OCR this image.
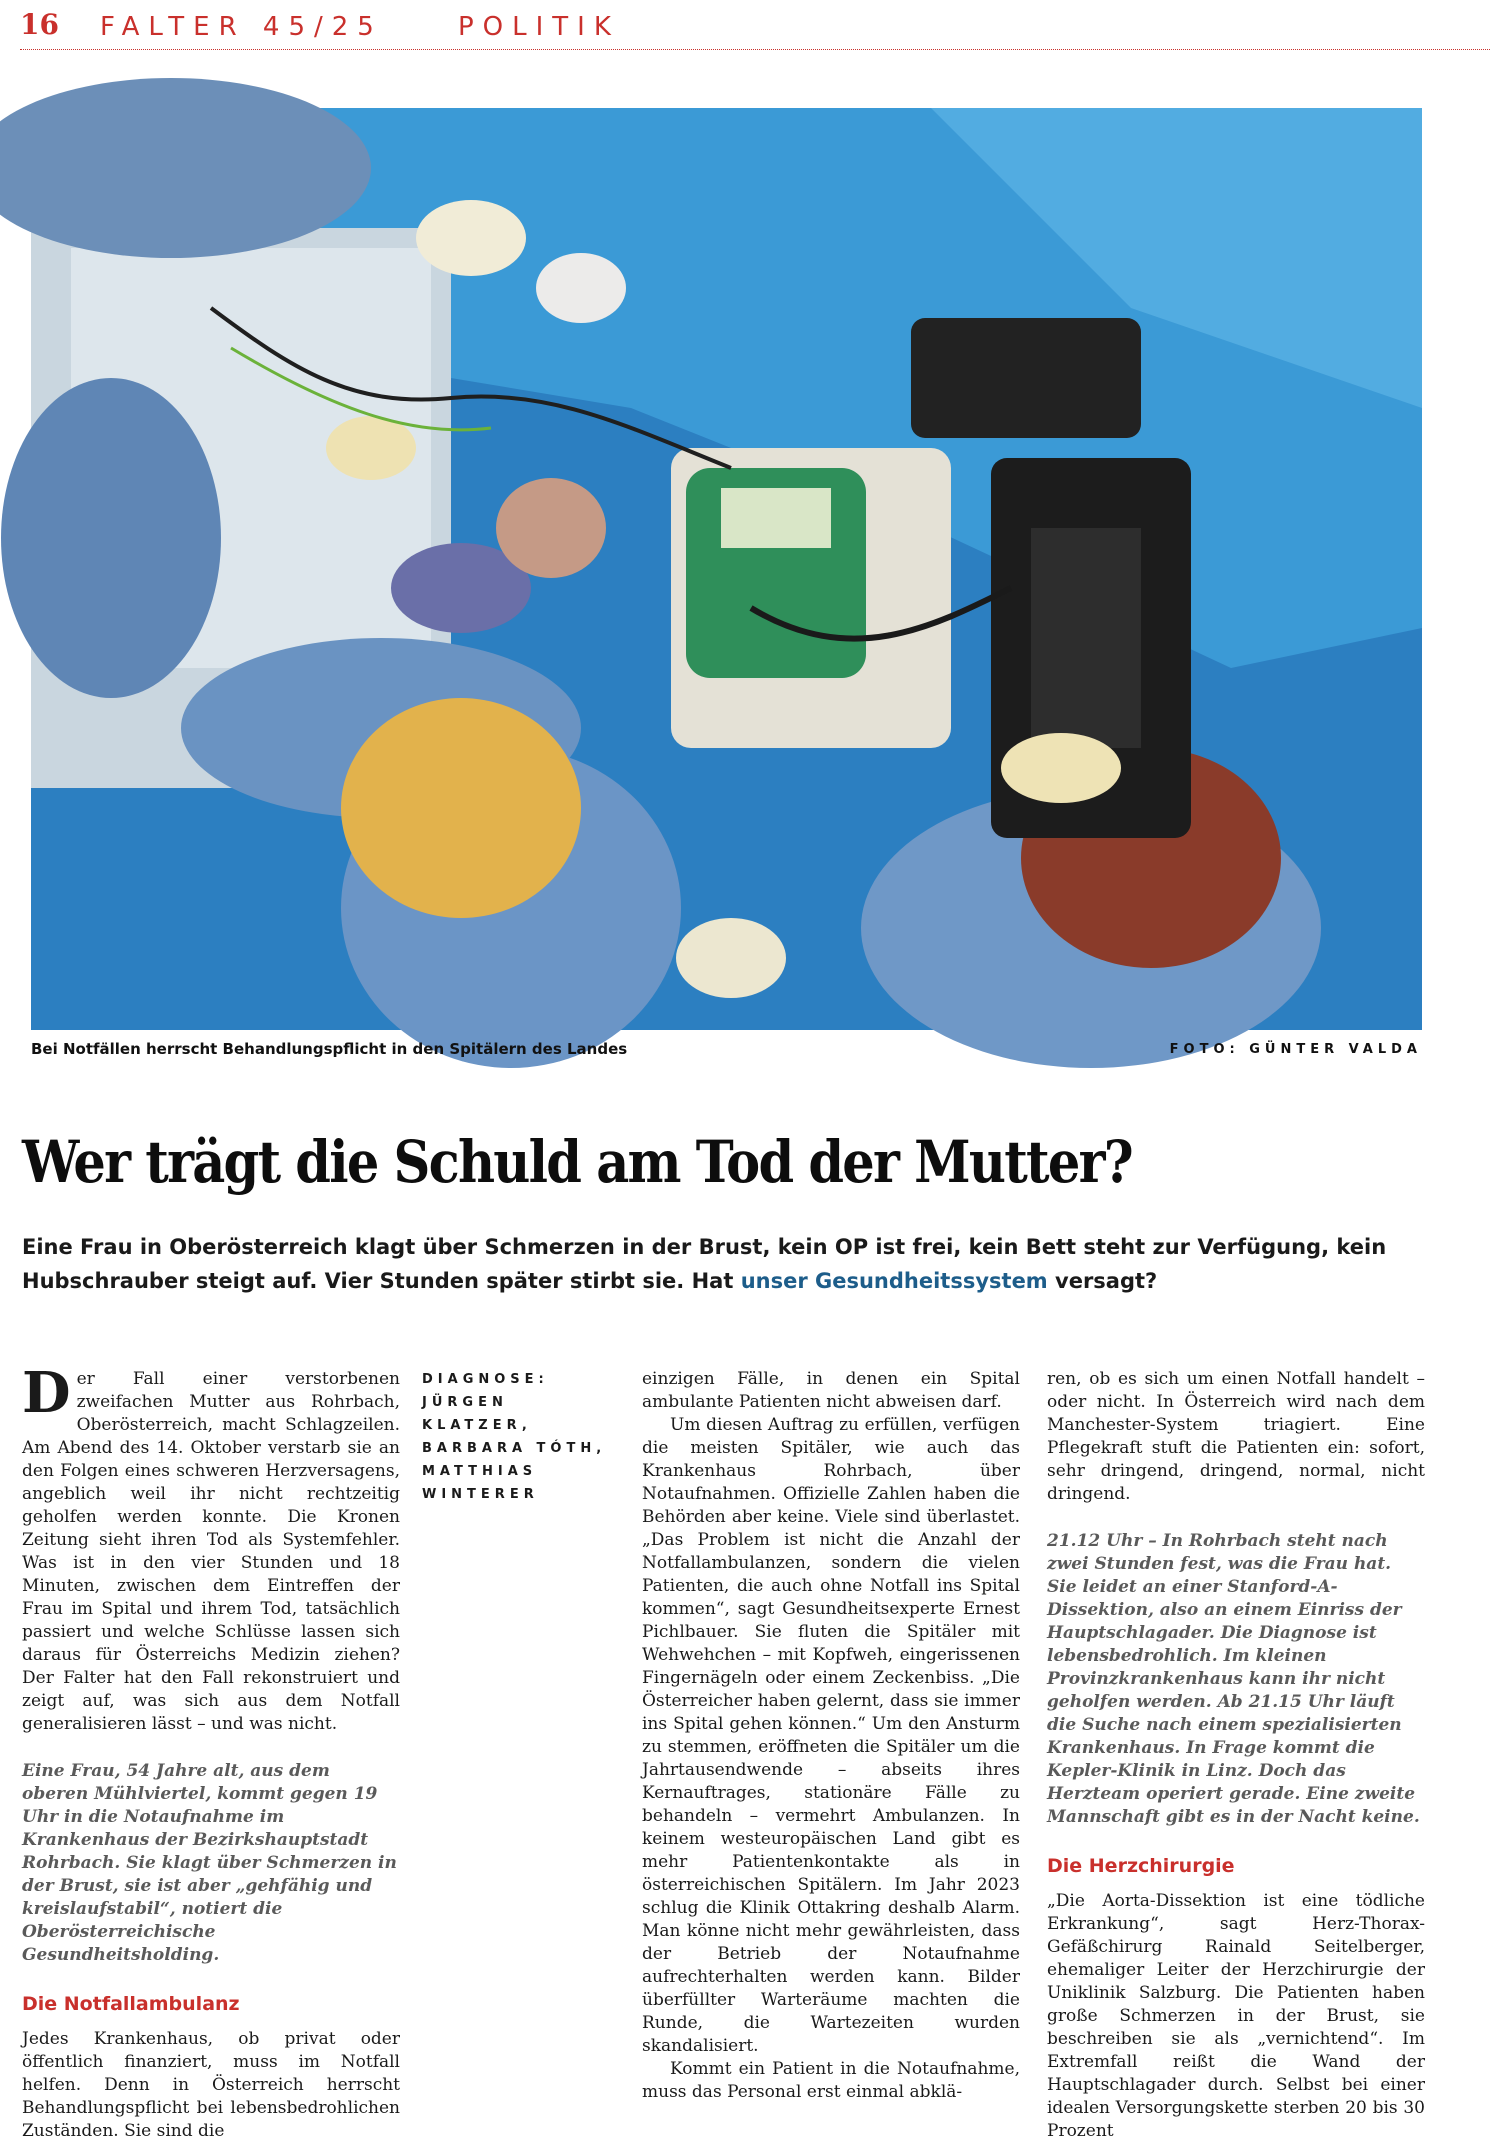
16 FALTER 45/25	POLITIK
Bei Notfällen herrscht Behandlungspflicht in den Spitälern des Landes	FOTO: GÜNTER VALDA
Wer trägt die Schuld am Tod der Mutter?
Eine Frau in Oberösterreich klagt über Schmerzen in der Brust, kein OP ist frei, kein Bett steht zur Verfügung, kein Hubschrauber steigt auf. Vier Stunden später stirbt sie. Hat unser Gesundheitssystem versagt?

Der Fall einer verstorbenen zweifachen Mutter aus Rohrbach, Oberösterreich, macht Schlagzeilen. Am Abend des 14. Oktober verstarb sie an den Folgen eines schweren Herzversagens, angeblich weil ihr nicht rechtzeitig geholfen werden konnte. Die Kronen Zeitung sieht ihren Tod als Systemfehler. Was ist in den vier Stunden und 18 Minuten, zwischen dem Eintreffen der Frau im Spital und ihrem Tod, tatsächlich passiert und welche Schlüsse lassen sich daraus für Österreichs Medizin ziehen? Der Falter hat den Fall rekonstruiert und zeigt auf, was sich aus dem Notfall generalisieren lässt – und was nicht.

Eine Frau, 54 Jahre alt, aus dem oberen Mühlviertel, kommt gegen 19 Uhr in die Notaufnahme im Krankenhaus der Bezirkshauptstadt Rohrbach. Sie klagt über Schmerzen in der Brust, sie ist aber „gehfähig und kreislaufstabil“, notiert die Oberösterreichische Gesundheitsholding.

Die Notfallambulanz

Jedes Krankenhaus, ob privat oder öffentlich finanziert, muss im Notfall helfen. Denn in Österreich herrscht Behandlungspflicht bei lebensbedrohlichen Zuständen. Sie sind die

DIAGNOSE:
JÜRGEN KLATZER,
BARBARA TÓTH,
MATTHIAS
WINTERER

einzigen Fälle, in denen ein Spital ambulante Patienten nicht abweisen darf.

Um diesen Auftrag zu erfüllen, verfügen die meisten Spitäler, wie auch das Krankenhaus Rohrbach, über Notaufnahmen. Offizielle Zahlen haben die Behörden aber keine. Viele sind überlastet. „Das Problem ist nicht die Anzahl der Notfallambulanzen, sondern die vielen Patienten, die auch ohne Notfall ins Spital kommen“, sagt Gesundheitsexperte Ernest Pichlbauer. Sie fluten die Spitäler mit Wehwehchen – mit Kopfweh, eingerissenen Fingernägeln oder einem Zeckenbiss. „Die Österreicher haben gelernt, dass sie immer ins Spital gehen können.“ Um den Ansturm zu stemmen, eröffneten die Spitäler um die Jahrtausendwende – abseits ihres Kernauftrages, stationäre Fälle zu behandeln – vermehrt Ambulanzen. In keinem westeuropäischen Land gibt es mehr Patientenkontakte als in österreichischen Spitälern. Im Jahr 2023 schlug die Klinik Ottakring deshalb Alarm. Man könne nicht mehr gewährleisten, dass der Betrieb der Notaufnahme aufrechterhalten werden kann. Bilder überfüllter Warteräume machten die Runde, die Wartezeiten wurden skandalisiert.

Kommt ein Patient in die Notaufnahme, muss das Personal erst einmal abklä-

ren, ob es sich um einen Notfall handelt – oder nicht. In Österreich wird nach dem Manchester-System triagiert. Eine Pflegekraft stuft die Patienten ein: sofort, sehr dringend, dringend, normal, nicht dringend.

21.12 Uhr – In Rohrbach steht nach zwei Stunden fest, was die Frau hat. Sie leidet an einer Stanford-A-Dissektion, also an einem Einriss der Hauptschlagader. Die Diagnose ist lebensbedrohlich. Im kleinen Provinzkrankenhaus kann ihr nicht geholfen werden. Ab 21.15 Uhr läuft die Suche nach einem spezialisierten Krankenhaus. In Frage kommt die Kepler-Klinik in Linz. Doch das Herzteam operiert gerade. Eine zweite Mannschaft gibt es in der Nacht keine.

Die Herzchirurgie

„Die Aorta-Dissektion ist eine tödliche Erkrankung“, sagt Herz-Thorax-Gefäßchirurg Rainald Seitelberger, ehemaliger Leiter der Herzchirurgie der Uniklinik Salzburg. Die Patienten haben große Schmerzen in der Brust, sie beschreiben sie als „vernichtend“. Im Extremfall reißt die Wand der Hauptschlagader durch. Selbst bei einer idealen Versorgungskette sterben 20 bis 30 Prozent
